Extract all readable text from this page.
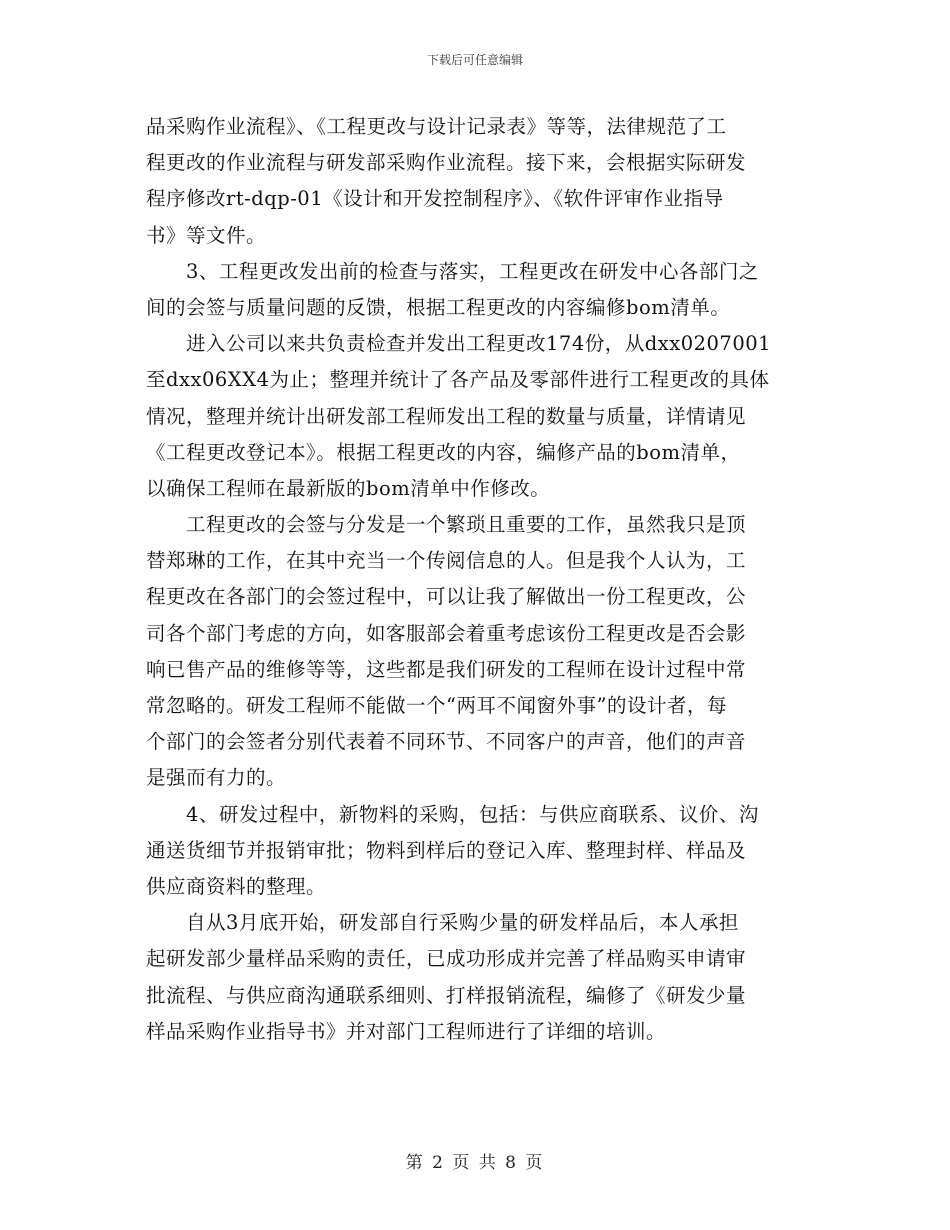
下载后可任意编辑

品采购作业流程》、《工程更改与设计记录表》等等，法律规范了工
程更改的作业流程与研发部采购作业流程。接下来，会根据实际研发
程序修改rt-dqp-01《设计和开发控制程序》、《软件评审作业指导
书》等文件。

3、工程更改发出前的检查与落实，工程更改在研发中心各部门之
间的会签与质量问题的反馈，根据工程更改的内容编修bom清单。

进入公司以来共负责检查并发出工程更改174份，从dxx0207001
至dxx06XX4为止；整理并统计了各产品及零部件进行工程更改的具体
情况，整理并统计出研发部工程师发出工程的数量与质量，详情请见
《工程更改登记本》。根据工程更改的内容，编修产品的bom清单，
以确保工程师在最新版的bom清单中作修改。

工程更改的会签与分发是一个繁琐且重要的工作，虽然我只是顶
替郑琳的工作，在其中充当一个传阅信息的人。但是我个人认为，工
程更改在各部门的会签过程中，可以让我了解做出一份工程更改，公
司各个部门考虑的方向，如客服部会着重考虑该份工程更改是否会影
响已售产品的维修等等，这些都是我们研发的工程师在设计过程中常
常忽略的。研发工程师不能做一个“两耳不闻窗外事”的设计者，每
个部门的会签者分别代表着不同环节、不同客户的声音，他们的声音
是强而有力的。

4、研发过程中，新物料的采购，包括：与供应商联系、议价、沟
通送货细节并报销审批；物料到样后的登记入库、整理封样、样品及
供应商资料的整理。

自从3月底开始，研发部自行采购少量的研发样品后，本人承担
起研发部少量样品采购的责任，已成功形成并完善了样品购买申请审
批流程、与供应商沟通联系细则、打样报销流程，编修了《研发少量
样品采购作业指导书》并对部门工程师进行了详细的培训。

第 2 页 共 8 页
